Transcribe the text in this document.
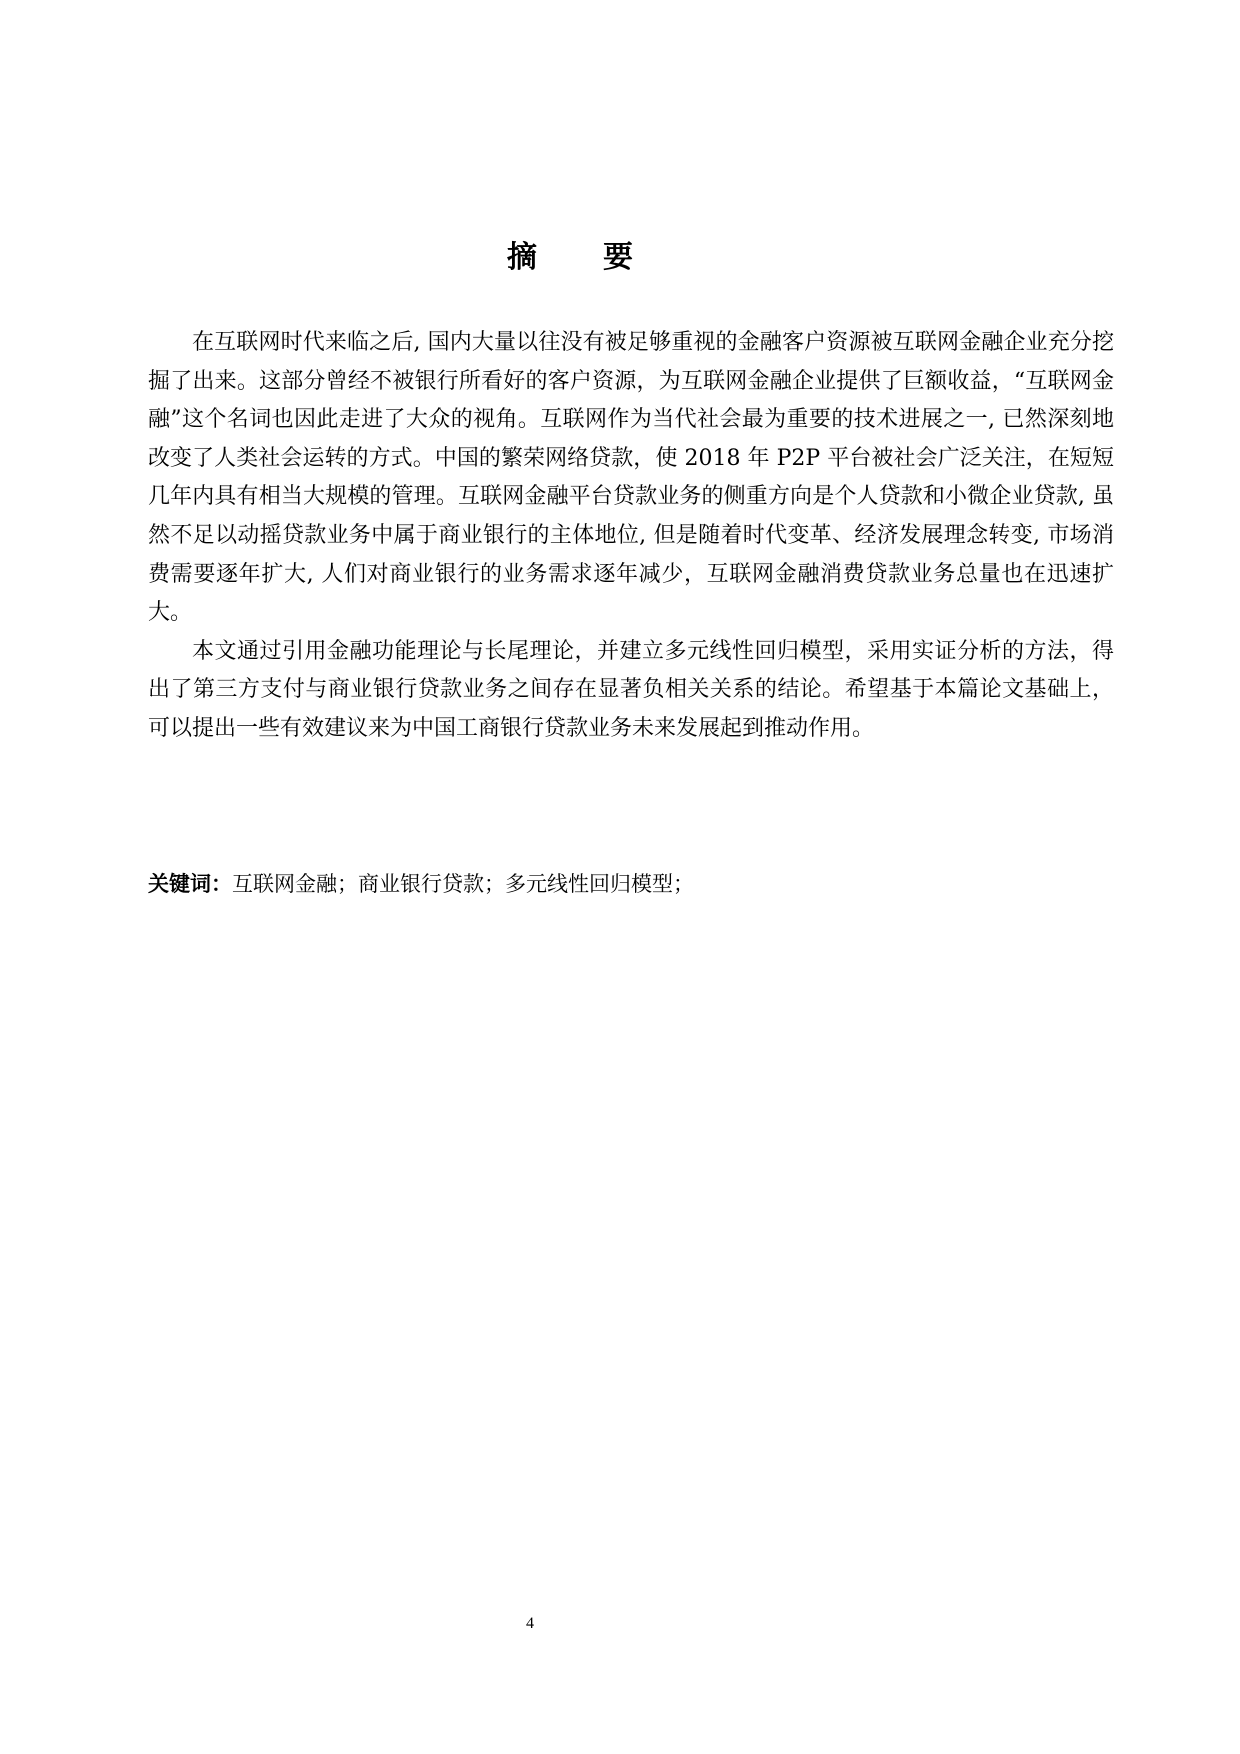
摘 要

在互联网时代来临之后, 国内大量以往没有被足够重视的金融客户资源被互联网金融企业充分挖掘了出来。这部分曾经不被银行所看好的客户资源，为互联网金融企业提供了巨额收益，“互联网金融”这个名词也因此走进了大众的视角。互联网作为当代社会最为重要的技术进展之一, 已然深刻地改变了人类社会运转的方式。中国的繁荣网络贷款，使 2018 年 P2P 平台被社会广泛关注，在短短几年内具有相当大规模的管理。互联网金融平台贷款业务的侧重方向是个人贷款和小微企业贷款, 虽然不足以动摇贷款业务中属于商业银行的主体地位, 但是随着时代变革、经济发展理念转变, 市场消费需要逐年扩大, 人们对商业银行的业务需求逐年减少，互联网金融消费贷款业务总量也在迅速扩大。

本文通过引用金融功能理论与长尾理论，并建立多元线性回归模型，采用实证分析的方法，得出了第三方支付与商业银行贷款业务之间存在显著负相关关系的结论。希望基于本篇论文基础上，可以提出一些有效建议来为中国工商银行贷款业务未来发展起到推动作用。

关键词：互联网金融；商业银行贷款；多元线性回归模型；
4
